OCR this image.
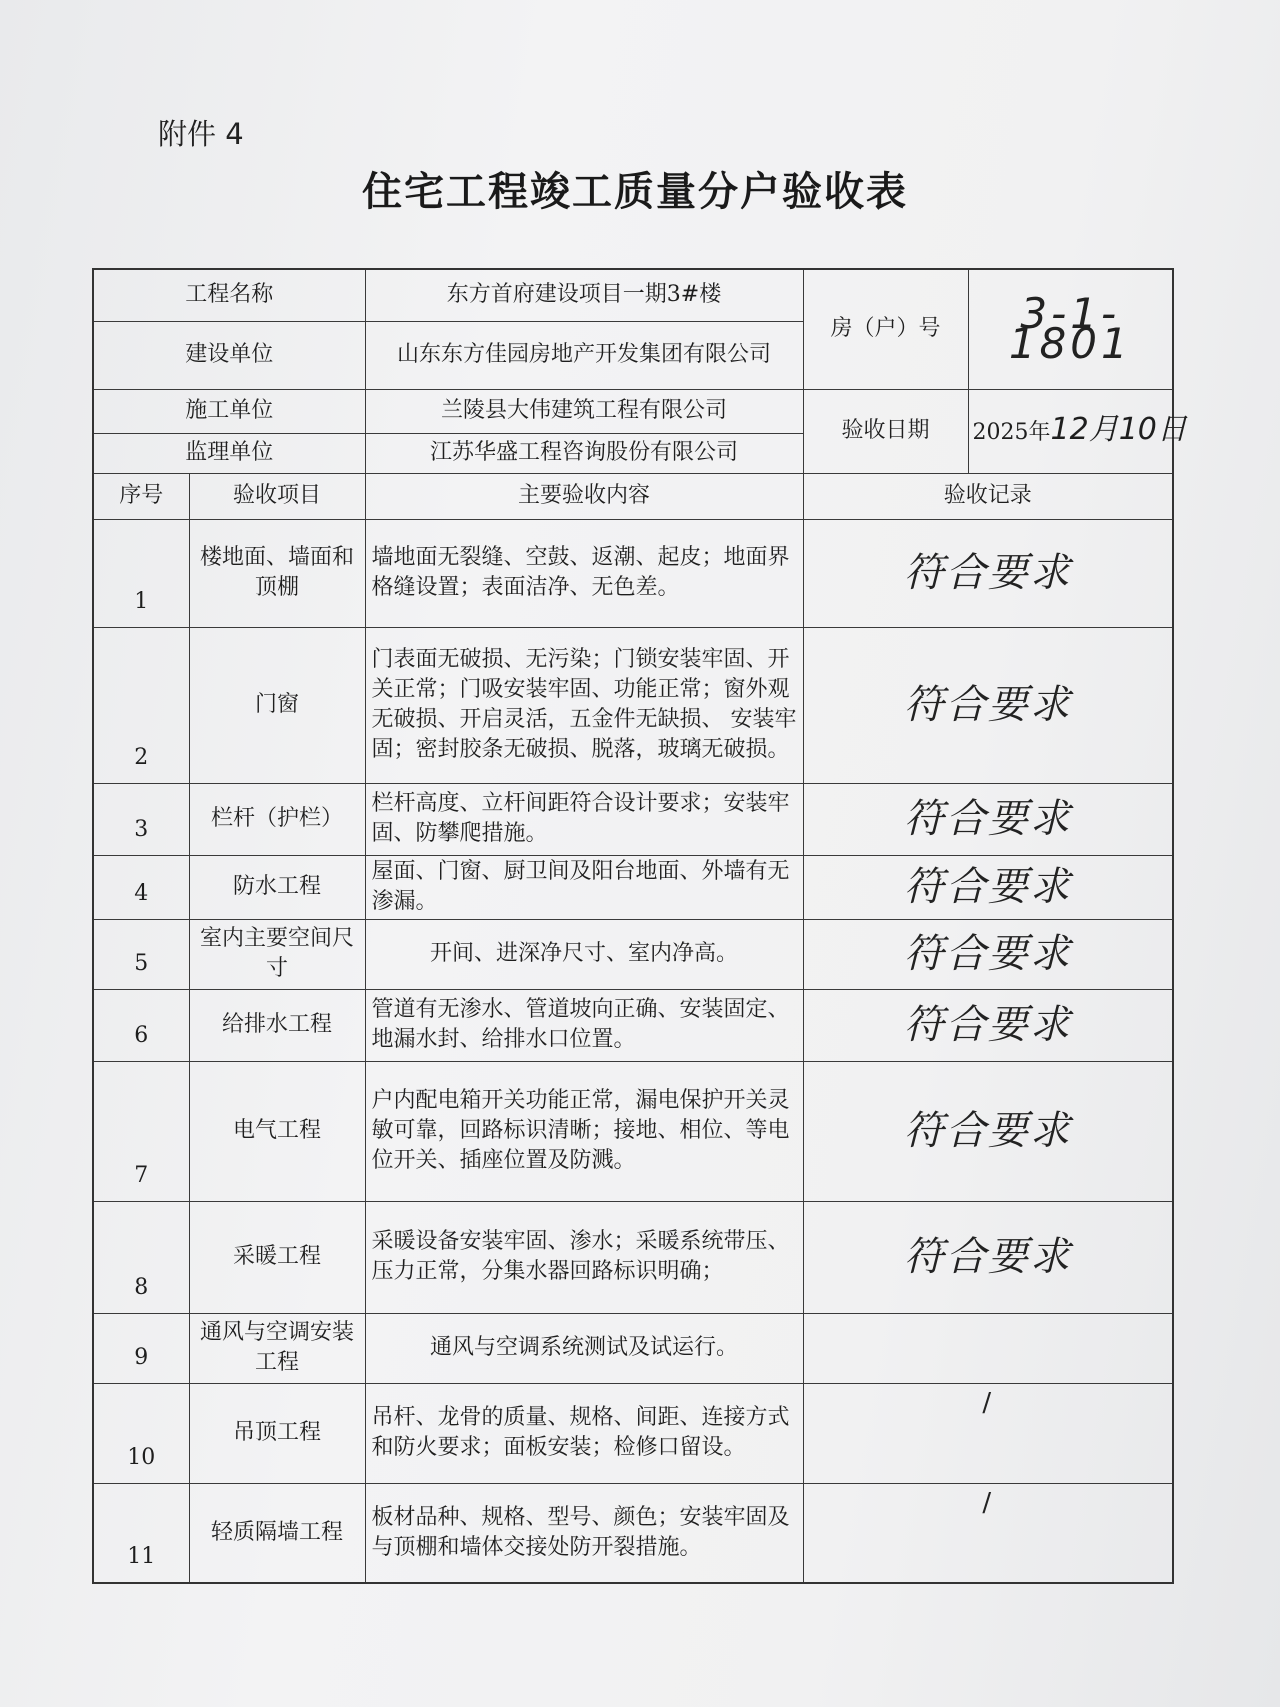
附件 4
住宅工程竣工质量分户验收表
工程名称		东方首府建设项目一期3#楼	房（户）号	3-1-1801
建设单位		山东东方佳园房地产开发集团有限公司		
施工单位		兰陵县大伟建筑工程有限公司	验收日期	2025年12月10日
监理单位		江苏华盛工程咨询股份有限公司		
序号	验收项目	主要验收内容	验收记录	
1	楼地面、墙面和顶棚	墙地面无裂缝、空鼓、返潮、起皮；地面界格缝设置；表面洁净、无色差。	符合要求	
2	门窗	门表面无破损、无污染；门锁安装牢固、开关正常；门吸安装牢固、功能正常；窗外观无破损、开启灵活，五金件无缺损、 安装牢固；密封胶条无破损、脱落，玻璃无破损。	符合要求	
3	栏杆（护栏）	栏杆高度、立杆间距符合设计要求；安装牢固、防攀爬措施。	符合要求	
4	防水工程	屋面、门窗、厨卫间及阳台地面、外墙有无渗漏。	符合要求	
5	室内主要空间尺寸	开间、进深净尺寸、室内净高。	符合要求	
6	给排水工程	管道有无渗水、管道坡向正确、安装固定、地漏水封、给排水口位置。	符合要求	
7	电气工程	户内配电箱开关功能正常，漏电保护开关灵敏可靠，回路标识清晰；接地、相位、等电位开关、插座位置及防溅。	符合要求	
8	采暖工程	采暖设备安装牢固、渗水；采暖系统带压、压力正常，分集水器回路标识明确；	符合要求	
9	通风与空调安装工程	通风与空调系统测试及试运行。		
10	吊顶工程	吊杆、龙骨的质量、规格、间距、连接方式和防火要求；面板安装；检修口留设。	/	
11	轻质隔墙工程	板材品种、规格、型号、颜色；安装牢固及与顶棚和墙体交接处防开裂措施。	/	
